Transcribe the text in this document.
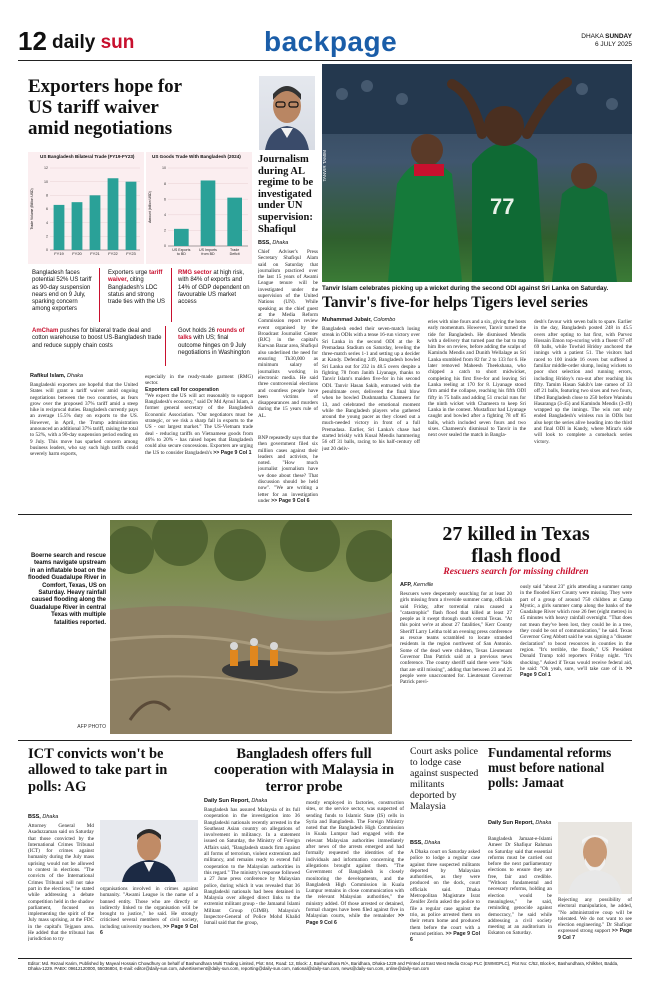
12 daily sun	backpage	DHAKA SUNDAY
6 JULY 2025
Exporters hope for
US tariff waiver
amid negotiations
US Bangladesh Bilateral Trade (FY19-FY23)
Trade Volume (Billion USD)
12
10
8
6
4
2
0
FY19 FY20 FY21 FY22 FY23
US Goods Trade With Bangladesh (2024)
Amount (billion USD)
10
8
6
4
2
0
US Exports
to BD
US Imports
from BD
Trade
Deficit
Bangladesh faces potential 52% US tariff as 90-day suspension nears end on 9 July, sparking concern among exporters
Exporters urge tariff waiver, citing Bangladesh's LDC status and strong trade ties with the US
RMG sector at high risk, with 84% of exports and 14% of GDP dependent on favourable US market access
AmCham pushes for bilateral trade deal and cotton warehouse to boost US-Bangladesh trade and reduce supply chain costs
Govt holds 26 rounds of talks with US; final outcome hinges on 9 July negotiations in Washington
Rafikul Islam, Dhaka
Bangladeshi exporters are hopeful that the United States will grant a tariff waiver amid ongoing negotiations between the two countries, as fears grow over the proposed 37% tariff amid a steep hike in reciprocal duties. Bangladesh currently pays an average 15.5% duty on exports to the US. However, in April, the Trump administration announced an additional 37% tariff, raising the total to 52%, with a 90-day suspension period ending on 9 July. This move has sparked concern among business leaders, who say such high tariffs could severely harm exports,
especially in the ready-made garment (RMG) sector.
Exporters call for cooperation
"We expect the US will act reasonably to support Bangladesh's economy," said Dr Md Aynul Islam, a former general secretary of the Bangladesh Economic Association. "Our negotiators must be strategic, or we risk a sharp fall in exports to the US - our largest market." The US-Vietnam trade deal - reducing tariffs on Vietnamese goods from 46% to 20% - has raised hopes that Bangladesh could also secure concessions. Exporters are urging the US to consider Bangladesh's >> Page 9 Col 1
Journalism during AL regime to be investigated under UN supervision: Shafiqul
BSS, Dhaka
Chief Adviser's Press Secretary Shafiqul Alam said on Saturday that journalism practiced over the last 15 years of Awami League tenure will be investigated under the supervision of the United Nations (UN). While speaking as the chief guest at the Media Reform Commission report review event organised by the Broadcast Journalist Center (BJC) in the capital's Karwan Bazar area, Shafiqul also underlined the need for ensuring Tk30,000 as minimum salary of journalists working in electronic media. He said three controversial elections and countless people have been victims of disappearances and murders during the 15 years rule of AL.
BNP repeatedly says that the then government filed six million cases against their leaders and activists, he noted. "How much journalist journalism have we done about these? That discussion should be held now". "We are writing a letter for an investigation under >> Page 9 Col 6
77
TANVIR TAMIM
Tanvir Islam celebrates picking up a wicket during the second ODI against Sri Lanka on Saturday.
Tanvir's five-for helps Tigers level series
Muhammad Jubair, Colombo
Bangladesh ended their seven-match losing streak in ODIs with a tense 16-run victory over Sri Lanka in the second ODI at the R Premadasa Stadium on Saturday, leveling the three-match series 1-1 and setting up a decider at Kandy. Defending 249, Bangladesh bowled Sri Lanka out for 232 in 48.5 overs despite a fighting 78 from Janith Liyanage, thanks to Tanvir Islam's maiden five-for in his second ODI. Tanvir Hasan Sakib, entrusted with the penultimate over, delivered the final blow when he bowled Dushmantha Chameera for 13, and celebrated the emotional moment while the Bangladesh players who gathered around the young pacer as they closed out a much-needed victory in front of a full Premadasa. Earlier, Sri Lanka's chase had started briskly with Kusal Mendis hammering 56 off 31 balls, racing to his half-century off just 20 deliv-
eries with nine fours and a six, giving the hosts early momentum. However, Tanvir turned the tide for Bangladesh. He dismissed Mendis with a delivery that turned past the bat to trap him lbw on review, before adding the scalps of Kamindu Mendis and Dunith Wellalage as Sri Lanka stumbled from 82 for 2 to 133 for 6. He later removed Maheesh Theekshana, who chipped a catch to short midwicket, completing his first five-for and leaving Sri Lanka reeling at 170 for 8. Liyanage stood firm amid the collapse, reaching his fifth ODI fifty in 75 balls and adding 51 crucial runs for the ninth wicket with Chameera to keep Sri Lanka in the contest. Mustafizur had Liyanage caught and bowled after a fighting 78 off 85 balls, which included seven fours and two sixes. Chameera's dismissal to Tanvir in the next over sealed the match in Bangla-
desh's favour with seven balls to spare. Earlier in the day, Bangladesh posted 248 in 45.5 overs after opting to bat first, with Parvez Hossain Emon top-scoring with a fluent 67 off 69 balls, while Towhid Hridoy anchored the innings with a patient 51. The visitors had raced to 100 inside 16 overs but suffered a familiar middle-order slump, losing wickets to poor shot selection and running errors, including Hridoy's run-out after reaching his fifty. Tamim Hasan Sakib's late cameo of 33 off 21 balls, featuring two sixes and two fours, lifted Bangladesh close to 250 before Wanindu Hasaranga (3-45) and Kamindu Mendis (3-49) wrapped up the innings. The win not only ended Bangladesh's winless run in ODIs but also kept the series alive heading into the third and final ODI in Kandy, where Miraz's side will look to complete a comeback series victory.
Boerne search and rescue teams navigate upstream in an inflatable boat on the flooded Guadalupe River in Comfort, Texas, US on Saturday. Heavy rainfall caused flooding along the Guadalupe River in central Texas with multiple fatalities reported.
AFP PHOTO
27 killed in Texas
flash flood
Rescuers search for missing children
AFP, Kerrville
Rescuers were desperately searching for at least 20 girls missing from a riverside summer camp, officials said Friday, after torrential rains caused a "catastrophic" flash flood that killed at least 27 people as it swept through south central Texas. "At this point we're at about 27 fatalities," Kerr County Sheriff Larry Leitha told an evening press conference as rescue teams scrambled to locate stranded residents in the region northwest of San Antonio. Some of the dead were children, Texas Lieutenant Governor Dan Patrick said at a previous news conference. The county sheriff said there were "kids that are still missing", adding that between 23 and 25 people were unaccounted for. Lieutenant Governor Patrick previ-
ously said "about 23" girls attending a summer camp in the flooded Kerr County were missing. They were part of a group of around 750 children at Camp Mystic, a girls summer camp along the banks of the Guadalupe River which rose 26 feet (eight metres) in 45 minutes with heavy rainfall overnight. "That does not mean they've been lost, they could be in a tree, they could be out of communication," he said. Texas Governor Greg Abbott said he was signing a "disaster declaration" to boost resources in counties in the region. "It's terrible, the floods," US President Donald Trump told reporters Friday night. "It's shocking." Asked if Texas would receive federal aid, he said: "Oh yeah, sure, we'll take care of it. >> Page 9 Col 1
ICT convicts won't be allowed to take part in polls: AG
BSS, Dhaka
Attorney General Md Asaduzzaman said on Saturday that those convicted by the International Crimes Tribunal (ICT) for crimes against humanity during the July mass uprising would not be allowed to contest in elections. "The convicts of the International Crimes Tribunal will not take part in the elections," he stated while addressing a debate competition held in the shadow parliament, focused on implementing the spirit of the July mass uprising, at the FDC in the capital's Tejgaon area. He added that the tribunal has jurisdiction to try
organisations involved in crimes against humanity. "Awami League is the name of a banned entity. Those who are directly or indirectly linked to the organisation will be brought to justice," he said. He strongly criticised several members of civil society, including university teachers, >> Page 9 Col 6
Bangladesh offers full cooperation with Malaysia in terror probe
Daily Sun Report, Dhaka
Bangladesh has assured Malaysia of its full cooperation in the investigation into 36 Bangladeshi nationals recently arrested in the Southeast Asian country on allegations of involvement in militancy. In a statement issued on Saturday, the Ministry of Foreign Affairs said, "Bangladesh stands firm against all forms of terrorism, violent extremism and militancy, and remains ready to extend full cooperation to the Malaysian authorities in this regard." The ministry's response followed a 27 June press conference by Malaysian police, during which it was revealed that 36 Bangladeshi nationals had been detained in Malaysia over alleged direct links to the extremist militant group - the Jamaatul Islami Militant Group (GIMB). Malaysia's Inspector-General of Police Mohd Khalid Ismail said that the group,
mostly employed in factories, construction sites, or the service sector, was suspected of sending funds to Islamic State (IS) cells in Syria and Bangladesh. The Foreign Ministry noted that the Bangladesh High Commission in Kuala Lumpur had engaged with the relevant Malaysian authorities immediately after news of the arrests emerged and had formally requested the identities of the individuals and information concerning the allegations brought against them. "The Government of Bangladesh is closely monitoring the developments, and the Bangladesh High Commission in Kuala Lumpur remains in close communication with the relevant Malaysian authorities," the ministry added. Of those arrested or detained, formal charges have been filed against five in Malaysian courts, while the remainder >> Page 9 Col 6
Court asks police to lodge case against suspected militants deported by Malaysia
BSS, Dhaka
A Dhaka court on Saturday asked police to lodge a regular case against three suspected militants deported by Malaysian authorities, as they were produced on the dock, court officials said. Dhaka Metropolitan Magistrate Israt Zenifer Zerin asked the police to file a regular case against the trio, as police arrested them on their return home and produced them before the court with a remand petition. >> Page 9 Col 6
Fundamental reforms must before national polls: Jamaat
Daily Sun Report, Dhaka
Bangladesh Jamaat-e-Islami Ameer Dr Shafiqur Rahman on Saturday said that essential reforms must be carried out before the next parliamentary elections to ensure they are free, fair and credible. "Without fundamental and necessary reforms, holding an election would be meaningless," he said, reminding genocide against democracy," he said while addressing a civil society meeting at an auditorium in Eskaton on Saturday.
Rejecting any possibility of electoral manipulation, he added, "No administrative coup will be tolerated. We do not want to see election engineering." Dr Shafiqur expressed strong support >> Page 9 Col 7
Editor: Md. Rezaul Karim, Published by Mayeal Hossain Chowdhury on behalf of Bashundhara Multi Trading Limited, Plot: 844, Road: 12, Block: J, Bashundhara R/A, Baridhara, Dhaka-1229 and Printed at East West Media Group PLC (EWMGPLC), Plot No: C/52, Block-K, Bashundhara, Khilkhet, Badda, Dhaka-1229. PABX: 09612120000, 55036804, E-mail: editor@daily-sun.com, advertisement@daily-sun.com, reporting@daily-sun.com, national@daily-sun.com, news@daily-sun.com, online@daily-sun.com
